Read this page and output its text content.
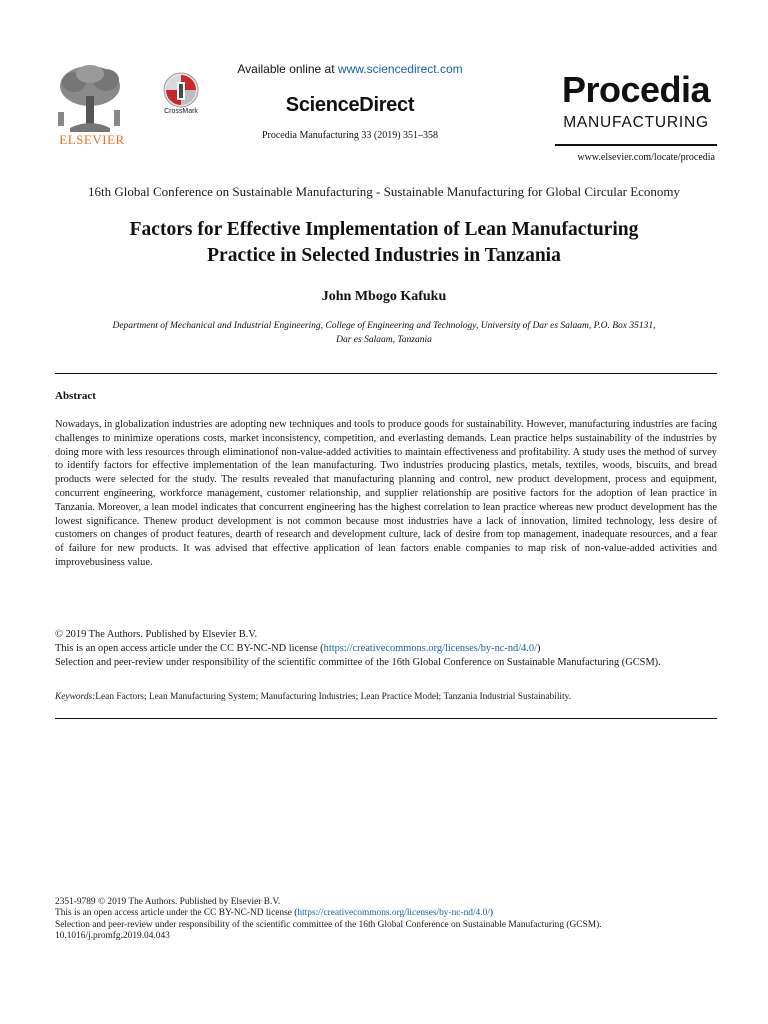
ELSEVIER
CrossMark
Available online at www.sciencedirect.com
ScienceDirect
Procedia Manufacturing 33 (2019) 351–358
Procedia
MANUFACTURING
www.elsevier.com/locate/procedia
16th Global Conference on Sustainable Manufacturing - Sustainable Manufacturing for Global Circular Economy
Factors for Effective Implementation of Lean Manufacturing
Practice in Selected Industries in Tanzania
John Mbogo Kafuku
Department of Mechanical and Industrial Engineering, College of Engineering and Technology, University of Dar es Salaam, P.O. Box 35131,
Dar es Salaam, Tanzania
Abstract
Nowadays, in globalization industries are adopting new techniques and tools to produce goods for sustainability. However, manufacturing industries are facing challenges to minimize operations costs, market inconsistency, competition, and everlasting demands. Lean practice helps sustainability of the industries by doing more with less resources through eliminationof non-value-added activities to maintain effectiveness and profitability. A study uses the method of survey to identify factors for effective implementation of the lean manufacturing. Two industries producing plastics, metals, textiles, woods, biscuits, and bread products were selected for the study. The results revealed that manufacturing planning and control, new product development, process and equipment, concurrent engineering, workforce management, customer relationship, and supplier relationship are positive factors for the adoption of lean practice in Tanzania. Moreover, a lean model indicates that concurrent engineering has the highest correlation to lean practice whereas new product development has the lowest significance. Thenew product development is not common because most industries have a lack of innovation, limited technology, less desire of customers on changes of product features, dearth of research and development culture, lack of desire from top management, inadequate resources, and a fear of failure for new products. It was advised that effective application of lean factors enable companies to map risk of non-value-added activities and improvebusiness value.
© 2019 The Authors. Published by Elsevier B.V.
This is an open access article under the CC BY-NC-ND license (https://creativecommons.org/licenses/by-nc-nd/4.0/)
Selection and peer-review under responsibility of the scientific committee of the 16th Global Conference on Sustainable Manufacturing (GCSM).
Keywords:Lean Factors; Lean Manufacturing System; Manufacturing Industries; Lean Practice Model; Tanzania Industrial Sustainability.
2351-9789 © 2019 The Authors. Published by Elsevier B.V.
This is an open access article under the CC BY-NC-ND license (https://creativecommons.org/licenses/by-nc-nd/4.0/)
Selection and peer-review under responsibility of the scientific committee of the 16th Global Conference on Sustainable Manufacturing (GCSM).
10.1016/j.promfg.2019.04.043
